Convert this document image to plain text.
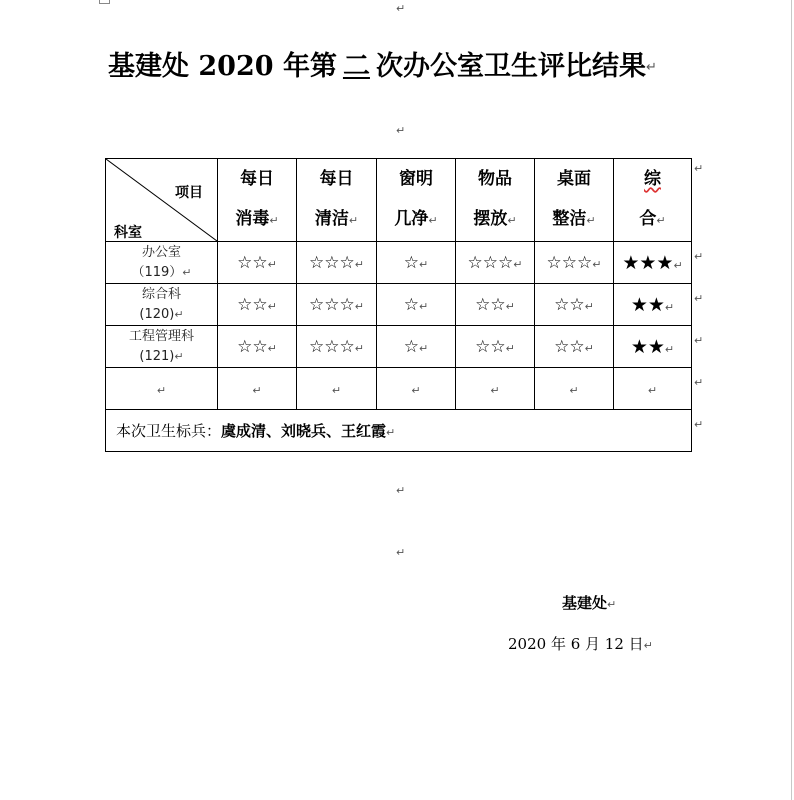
↵
↵
↵
↵
基建处 2020 年第 二 次办公室卫生评比结果↵
项目
科室	每日
消毒↵	每日
清洁↵	窗明
几净↵	物品
摆放↵	桌面
整洁↵	综
合↵

办公室
（119）↵	☆☆↵	☆☆☆↵	☆↵	☆☆☆↵	☆☆☆↵	★★★↵
综合科
(120)↵	☆☆↵	☆☆☆↵	☆↵	☆☆↵	☆☆↵	★★↵
工程管理科
(121)↵	☆☆↵	☆☆☆↵	☆↵	☆☆↵	☆☆↵	★★↵
↵	↵	↵	↵	↵	↵	↵
本次卫生标兵：虞成清、刘晓兵、王红霞↵						
↵
↵
↵
↵
↵
↵
基建处↵
2020 年 6 月 12 日↵
